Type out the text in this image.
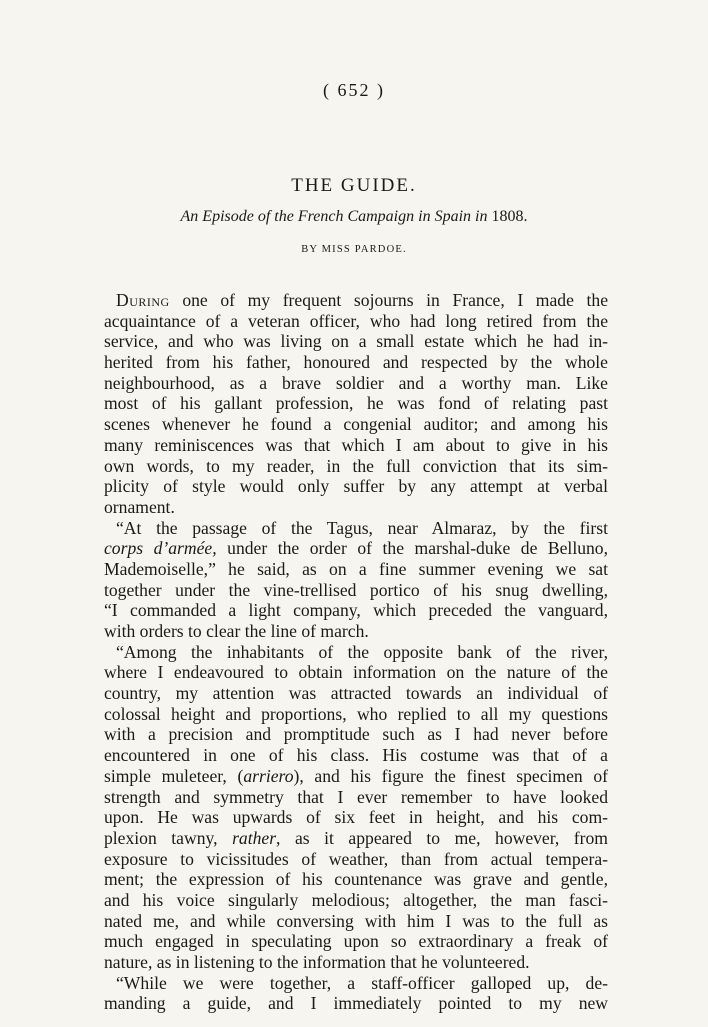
( 652 )
THE GUIDE.
An Episode of the French Campaign in Spain in 1808.
BY MISS PARDOE.
During one of my frequent sojourns in France, I made the
acquaintance of a veteran officer, who had long retired from the
service, and who was living on a small estate which he had in-
herited from his father, honoured and respected by the whole
neighbourhood, as a brave soldier and a worthy man. Like
most of his gallant profession, he was fond of relating past
scenes whenever he found a congenial auditor; and among his
many reminiscences was that which I am about to give in his
own words, to my reader, in the full conviction that its sim-
plicity of style would only suffer by any attempt at verbal
ornament.
“At the passage of the Tagus, near Almaraz, by the first
corps d’armée, under the order of the marshal-duke de Belluno,
Mademoiselle,” he said, as on a fine summer evening we sat
together under the vine-trellised portico of his snug dwelling,
“I commanded a light company, which preceded the vanguard,
with orders to clear the line of march.
“Among the inhabitants of the opposite bank of the river,
where I endeavoured to obtain information on the nature of the
country, my attention was attracted towards an individual of
colossal height and proportions, who replied to all my questions
with a precision and promptitude such as I had never before
encountered in one of his class. His costume was that of a
simple muleteer, (arriero), and his figure the finest specimen of
strength and symmetry that I ever remember to have looked
upon. He was upwards of six feet in height, and his com-
plexion tawny, rather, as it appeared to me, however, from
exposure to vicissitudes of weather, than from actual tempera-
ment; the expression of his countenance was grave and gentle,
and his voice singularly melodious; altogether, the man fasci-
nated me, and while conversing with him I was to the full as
much engaged in speculating upon so extraordinary a freak of
nature, as in listening to the information that he volunteered.
“While we were together, a staff-officer galloped up, de-
manding a guide, and I immediately pointed to my new
